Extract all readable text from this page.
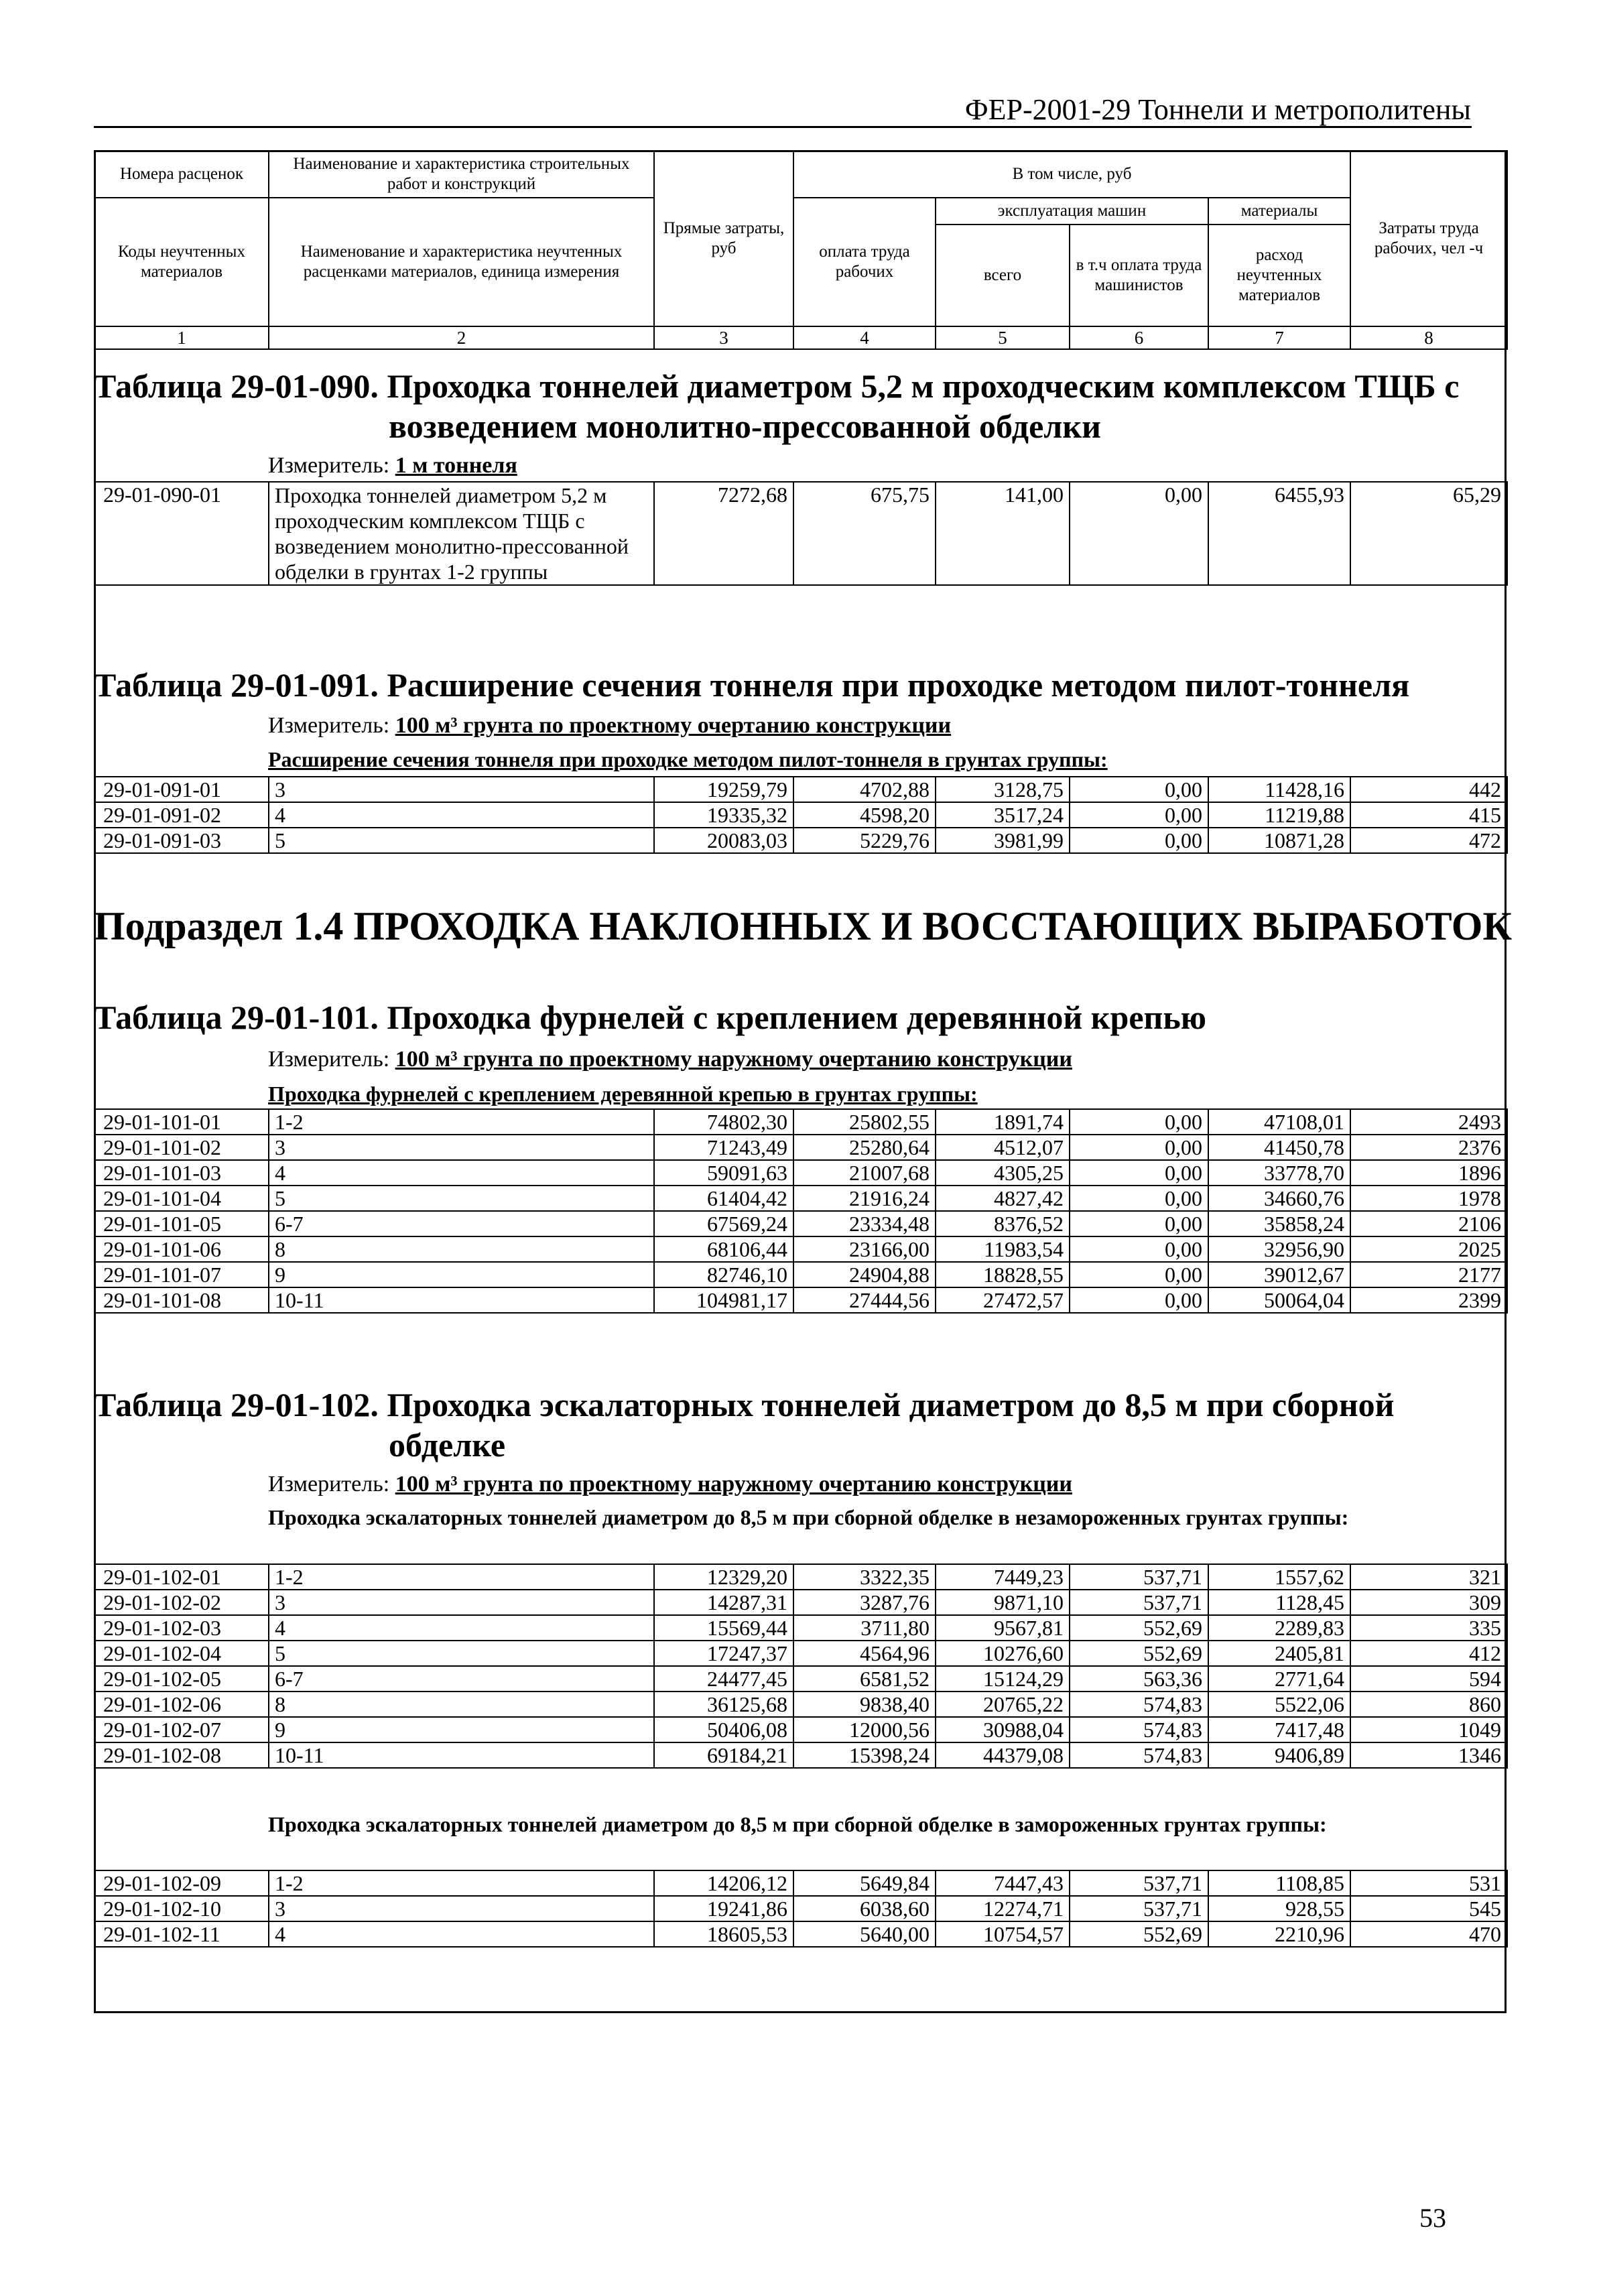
ФЕР-2001-29 Тоннели и метрополитены
Номера расценок	Наименование и характеристика строительных работ и конструкций	Прямые затраты, руб	В том числе, руб				Затраты труда рабочих, чел -ч
Коды неучтенных материалов	Наименование и характеристика неучтенных расценками материалов, единица измерения		оплата труда рабочих	эксплуатация машин		материалы	
				всего	в т.ч оплата труда машинистов	расход неучтенных материалов	
1	2	3	4	5	6	7	8
Таблица 29-01-090. Проходка тоннелей диаметром 5,2 м проходческим комплексом ТЩБ с
возведением монолитно-прессованной обделки
Измеритель: 1 м тоннеля
29-01-090-01	Проходка тоннелей диаметром 5,2 м проходческим комплексом ТЩБ с возведением монолитно-прессованной обделки в грунтах 1-2 группы	7272,68	675,75	141,00	0,00	6455,93	65,29
Таблица 29-01-091. Расширение сечения тоннеля при проходке методом пилот-тоннеля
Измеритель: 100 м³ грунта по проектному очертанию конструкции
Расширение сечения тоннеля при проходке методом пилот-тоннеля в грунтах группы:
29-01-091-01	3	19259,79	4702,88	3128,75	0,00	11428,16	442
29-01-091-02	4	19335,32	4598,20	3517,24	0,00	11219,88	415
29-01-091-03	5	20083,03	5229,76	3981,99	0,00	10871,28	472
Подраздел 1.4 ПРОХОДКА НАКЛОННЫХ И ВОССТАЮЩИХ ВЫРАБОТОК
Таблица 29-01-101. Проходка фурнелей с креплением деревянной крепью
Измеритель: 100 м³ грунта по проектному наружному очертанию конструкции
Проходка фурнелей с креплением деревянной крепью в грунтах группы:
29-01-101-01	1-2	74802,30	25802,55	1891,74	0,00	47108,01	2493
29-01-101-02	3	71243,49	25280,64	4512,07	0,00	41450,78	2376
29-01-101-03	4	59091,63	21007,68	4305,25	0,00	33778,70	1896
29-01-101-04	5	61404,42	21916,24	4827,42	0,00	34660,76	1978
29-01-101-05	6-7	67569,24	23334,48	8376,52	0,00	35858,24	2106
29-01-101-06	8	68106,44	23166,00	11983,54	0,00	32956,90	2025
29-01-101-07	9	82746,10	24904,88	18828,55	0,00	39012,67	2177
29-01-101-08	10-11	104981,17	27444,56	27472,57	0,00	50064,04	2399
Таблица 29-01-102. Проходка эскалаторных тоннелей диаметром до 8,5 м при сборной
обделке
Измеритель: 100 м³ грунта по проектному наружному очертанию конструкции
Проходка эскалаторных тоннелей диаметром до 8,5 м при сборной обделке в незамороженных грунтах группы:
29-01-102-01	1-2	12329,20	3322,35	7449,23	537,71	1557,62	321
29-01-102-02	3	14287,31	3287,76	9871,10	537,71	1128,45	309
29-01-102-03	4	15569,44	3711,80	9567,81	552,69	2289,83	335
29-01-102-04	5	17247,37	4564,96	10276,60	552,69	2405,81	412
29-01-102-05	6-7	24477,45	6581,52	15124,29	563,36	2771,64	594
29-01-102-06	8	36125,68	9838,40	20765,22	574,83	5522,06	860
29-01-102-07	9	50406,08	12000,56	30988,04	574,83	7417,48	1049
29-01-102-08	10-11	69184,21	15398,24	44379,08	574,83	9406,89	1346
Проходка эскалаторных тоннелей диаметром до 8,5 м при сборной обделке в замороженных грунтах группы:
29-01-102-09	1-2	14206,12	5649,84	7447,43	537,71	1108,85	531
29-01-102-10	3	19241,86	6038,60	12274,71	537,71	928,55	545
29-01-102-11	4	18605,53	5640,00	10754,57	552,69	2210,96	470
53
